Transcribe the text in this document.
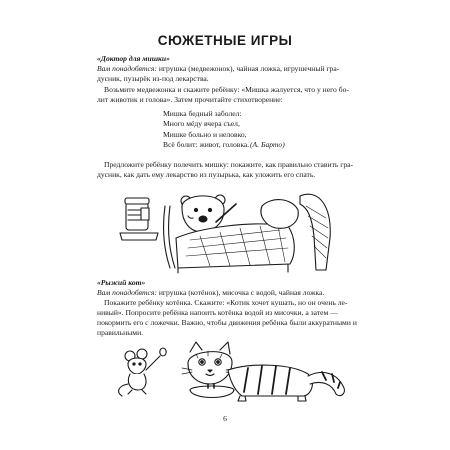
СЮЖЕТНЫЕ ИГРЫ
«Доктор для мишки»
Вам понадобятся: игрушка (медвежонок), чайная ложка, игрушечный гра-
дусник, пузырёк из-под лекарства.
Возьмите медвежонка и скажите ребёнку: «Мишка жалуется, что у него бо-
лит животик и голова». Затем прочитайте стихотворение:
Мишка бедный заболел:
Много мёду вчера съел,
Мишке больно и неловко,
Всё болит: живот, головка. (А. Барто)
Предложите ребёнку полечить мишку: покажите, как правильно ставить гра-
дусник, как дать ему лекарство из пузырька, как уложить его спать.
«Рыжий кот»
Вам понадобятся: игрушка (котёнок), мисочка с водой, чайная ложка.
Покажите ребёнку котёнка. Скажите: «Котик хочет кушать, но он очень ле-
нивый». Попросите ребёнка напоить котёнка водой из мисочки, а затем —
покормить его с ложечки. Важно, чтобы движения ребёнка были аккуратными и
правильными.
6
